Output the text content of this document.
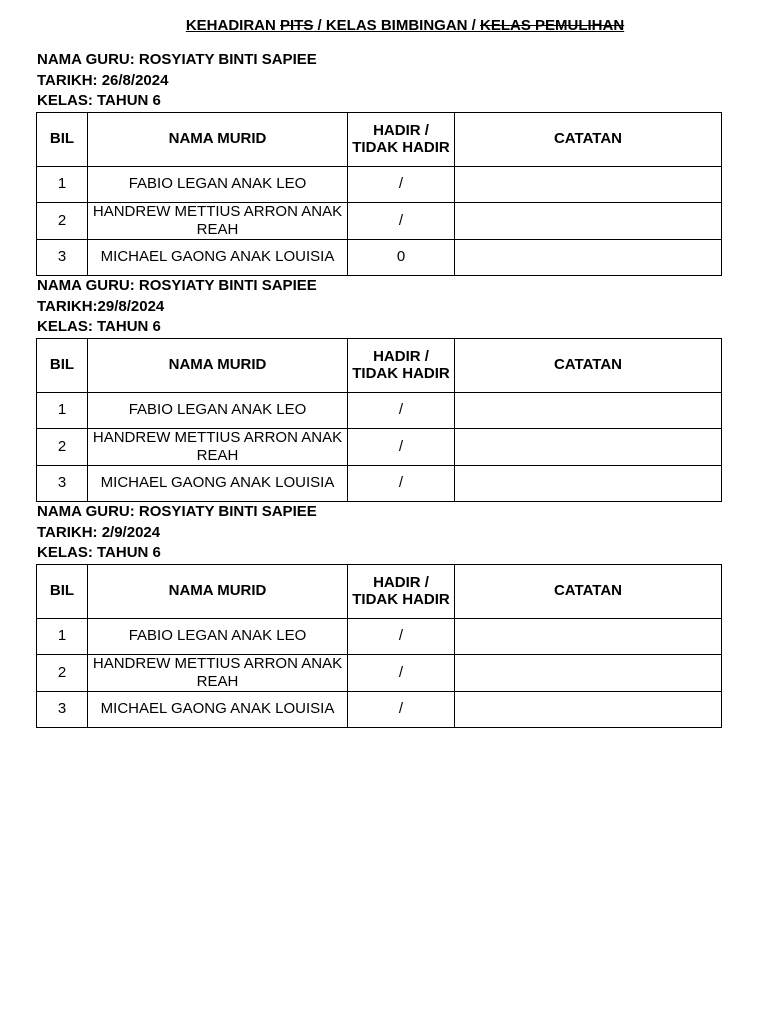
KEHADIRAN PITS / KELAS BIMBINGAN / KELAS PEMULIHAN
NAMA GURU: ROSYIATY BINTI SAPIEE
TARIKH: 26/8/2024
KELAS: TAHUN 6
BIL	NAMA MURID	HADIR / TIDAK HADIR	CATATAN
1	FABIO LEGAN ANAK LEO	/	
2	HANDREW METTIUS ARRON ANAK REAH	/	
3	MICHAEL GAONG ANAK LOUISIA	0	
NAMA GURU: ROSYIATY BINTI SAPIEE
TARIKH:29/8/2024
KELAS: TAHUN 6
BIL	NAMA MURID	HADIR / TIDAK HADIR	CATATAN
1	FABIO LEGAN ANAK LEO	/	
2	HANDREW METTIUS ARRON ANAK REAH	/	
3	MICHAEL GAONG ANAK LOUISIA	/	
NAMA GURU: ROSYIATY BINTI SAPIEE
TARIKH: 2/9/2024
KELAS: TAHUN 6
BIL	NAMA MURID	HADIR / TIDAK HADIR	CATATAN
1	FABIO LEGAN ANAK LEO	/	
2	HANDREW METTIUS ARRON ANAK REAH	/	
3	MICHAEL GAONG ANAK LOUISIA	/	
